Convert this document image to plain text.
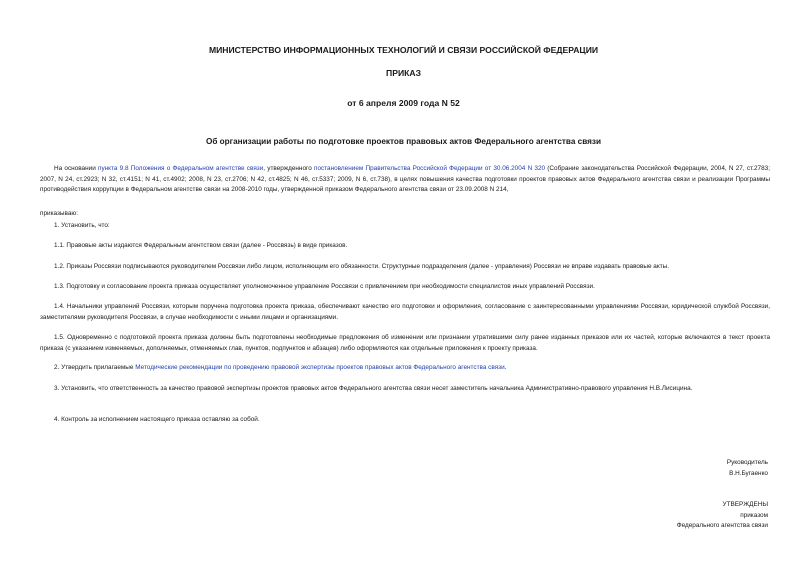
МИНИСТЕРСТВО ИНФОРМАЦИОННЫХ ТЕХНОЛОГИЙ И СВЯЗИ РОССИЙСКОЙ ФЕДЕРАЦИИ
ПРИКАЗ
от 6 апреля 2009 года N 52
Об организации работы по подготовке проектов правовых актов Федерального агентства связи

На основании пункта 9.8 Положения о Федеральном агентстве связи, утвержденного постановлением Правительства Российской Федерации от 30.06.2004 N 320 (Собрание законодательства Российской Федерации, 2004, N 27, ст.2783; 2007, N 24, ст.2923; N 32, ст.4151; N 41, ст.4902; 2008, N 23, ст.2706; N 42, ст.4825; N 46, ст.5337; 2009, N 6, ст.738), в целях повышения качества подготовки проектов правовых актов Федерального агентства связи и реализации Программы противодействия коррупции в Федеральном агентстве связи на 2008-2010 годы, утвержденной приказом Федерального агентства связи от 23.09.2008 N 214,

приказываю:

1. Установить, что:

1.1. Правовые акты издаются Федеральным агентством связи (далее - Россвязь) в виде приказов.

1.2. Приказы Россвязи подписываются руководителем Россвязи либо лицом, исполняющим его обязанности. Структурные подразделения (далее - управления) Россвязи не вправе издавать правовые акты.

1.3. Подготовку и согласование проекта приказа осуществляет уполномоченное управление Россвязи с привлечением при необходимости специалистов иных управлений Россвязи.

1.4. Начальники управлений Россвязи, которым поручена подготовка проекта приказа, обеспечивают качество его подготовки и оформления, согласование с заинтересованными управлениями Россвязи, юридической службой Россвязи, заместителями руководителя Россвязи, в случае необходимости с иными лицами и организациями.

1.5. Одновременно с подготовкой проекта приказа должны быть подготовлены необходимые предложения об изменении или признании утратившими силу ранее изданных приказов или их частей, которые включаются в текст проекта приказа (с указанием изменяемых, дополняемых, отменяемых глав, пунктов, подпунктов и абзацев) либо оформляются как отдельные приложения к проекту приказа.

2. Утвердить прилагаемые Методические рекомендации по проведению правовой экспертизы проектов правовых актов Федерального агентства связи.

3. Установить, что ответственность за качество правовой экспертизы проектов правовых актов Федерального агентства связи несет заместитель начальника Административно-правового управления Н.В.Лисицина.

4. Контроль за исполнением настоящего приказа оставляю за собой.

Руководитель
В.Н.Бугаенко
УТВЕРЖДЕНЫ
приказом
Федерального агентства связи
